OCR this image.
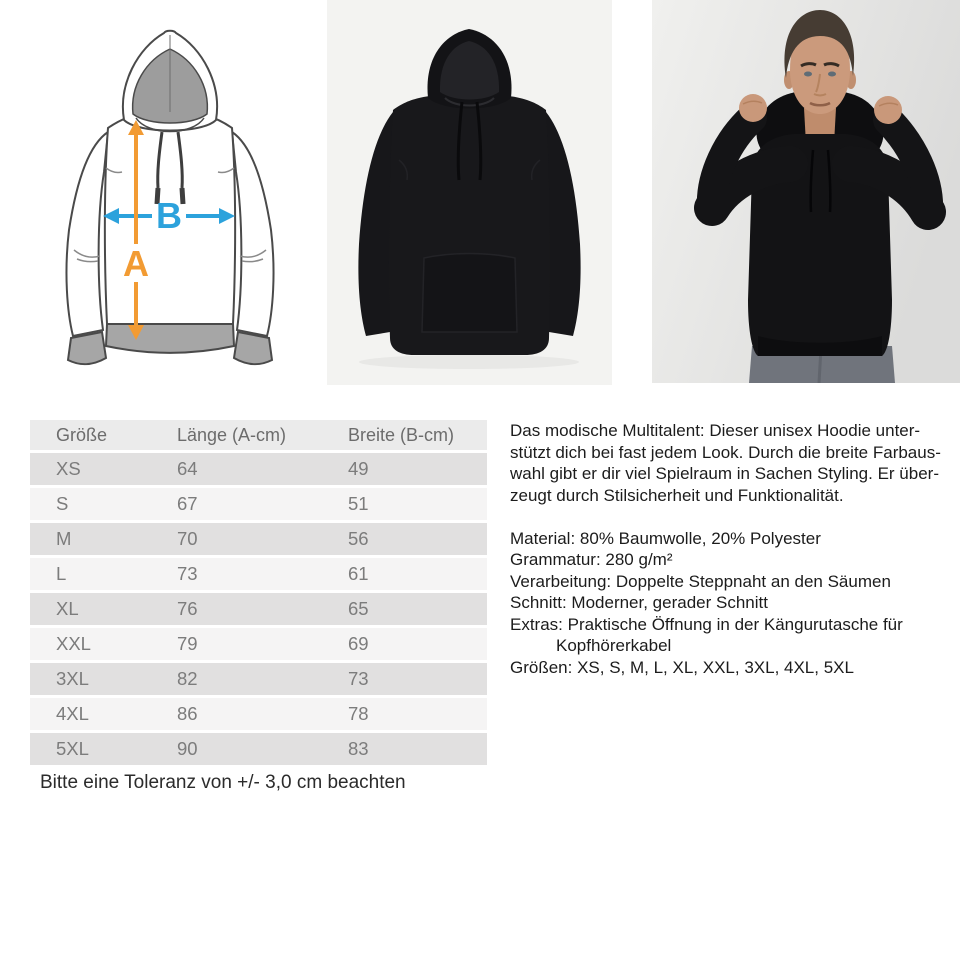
B
A
Größe	Länge (A-cm)	Breite (B-cm)
XS	64	49
S	67	51
M	70	56
L	73	61
XL	76	65
XXL	79	69
3XL	82	73
4XL	86	78
5XL	90	83
Das modische Multitalent: Dieser unisex Hoodie unter-
stützt dich bei fast jedem Look. Durch die breite Farbaus-
wahl gibt er dir viel Spielraum in Sachen Styling. Er über-
zeugt durch Stilsicherheit und Funktionalität.
Material: 80% Baumwolle, 20% Polyester
Grammatur: 280 g/m²
Verarbeitung: Doppelte Steppnaht an den Säumen
Schnitt: Moderner, gerader Schnitt
Extras: Praktische Öffnung in der Kängurutasche für
Kopfhörerkabel
Größen: XS, S, M, L, XL, XXL, 3XL, 4XL, 5XL
Bitte eine Toleranz von +/- 3,0 cm beachten
